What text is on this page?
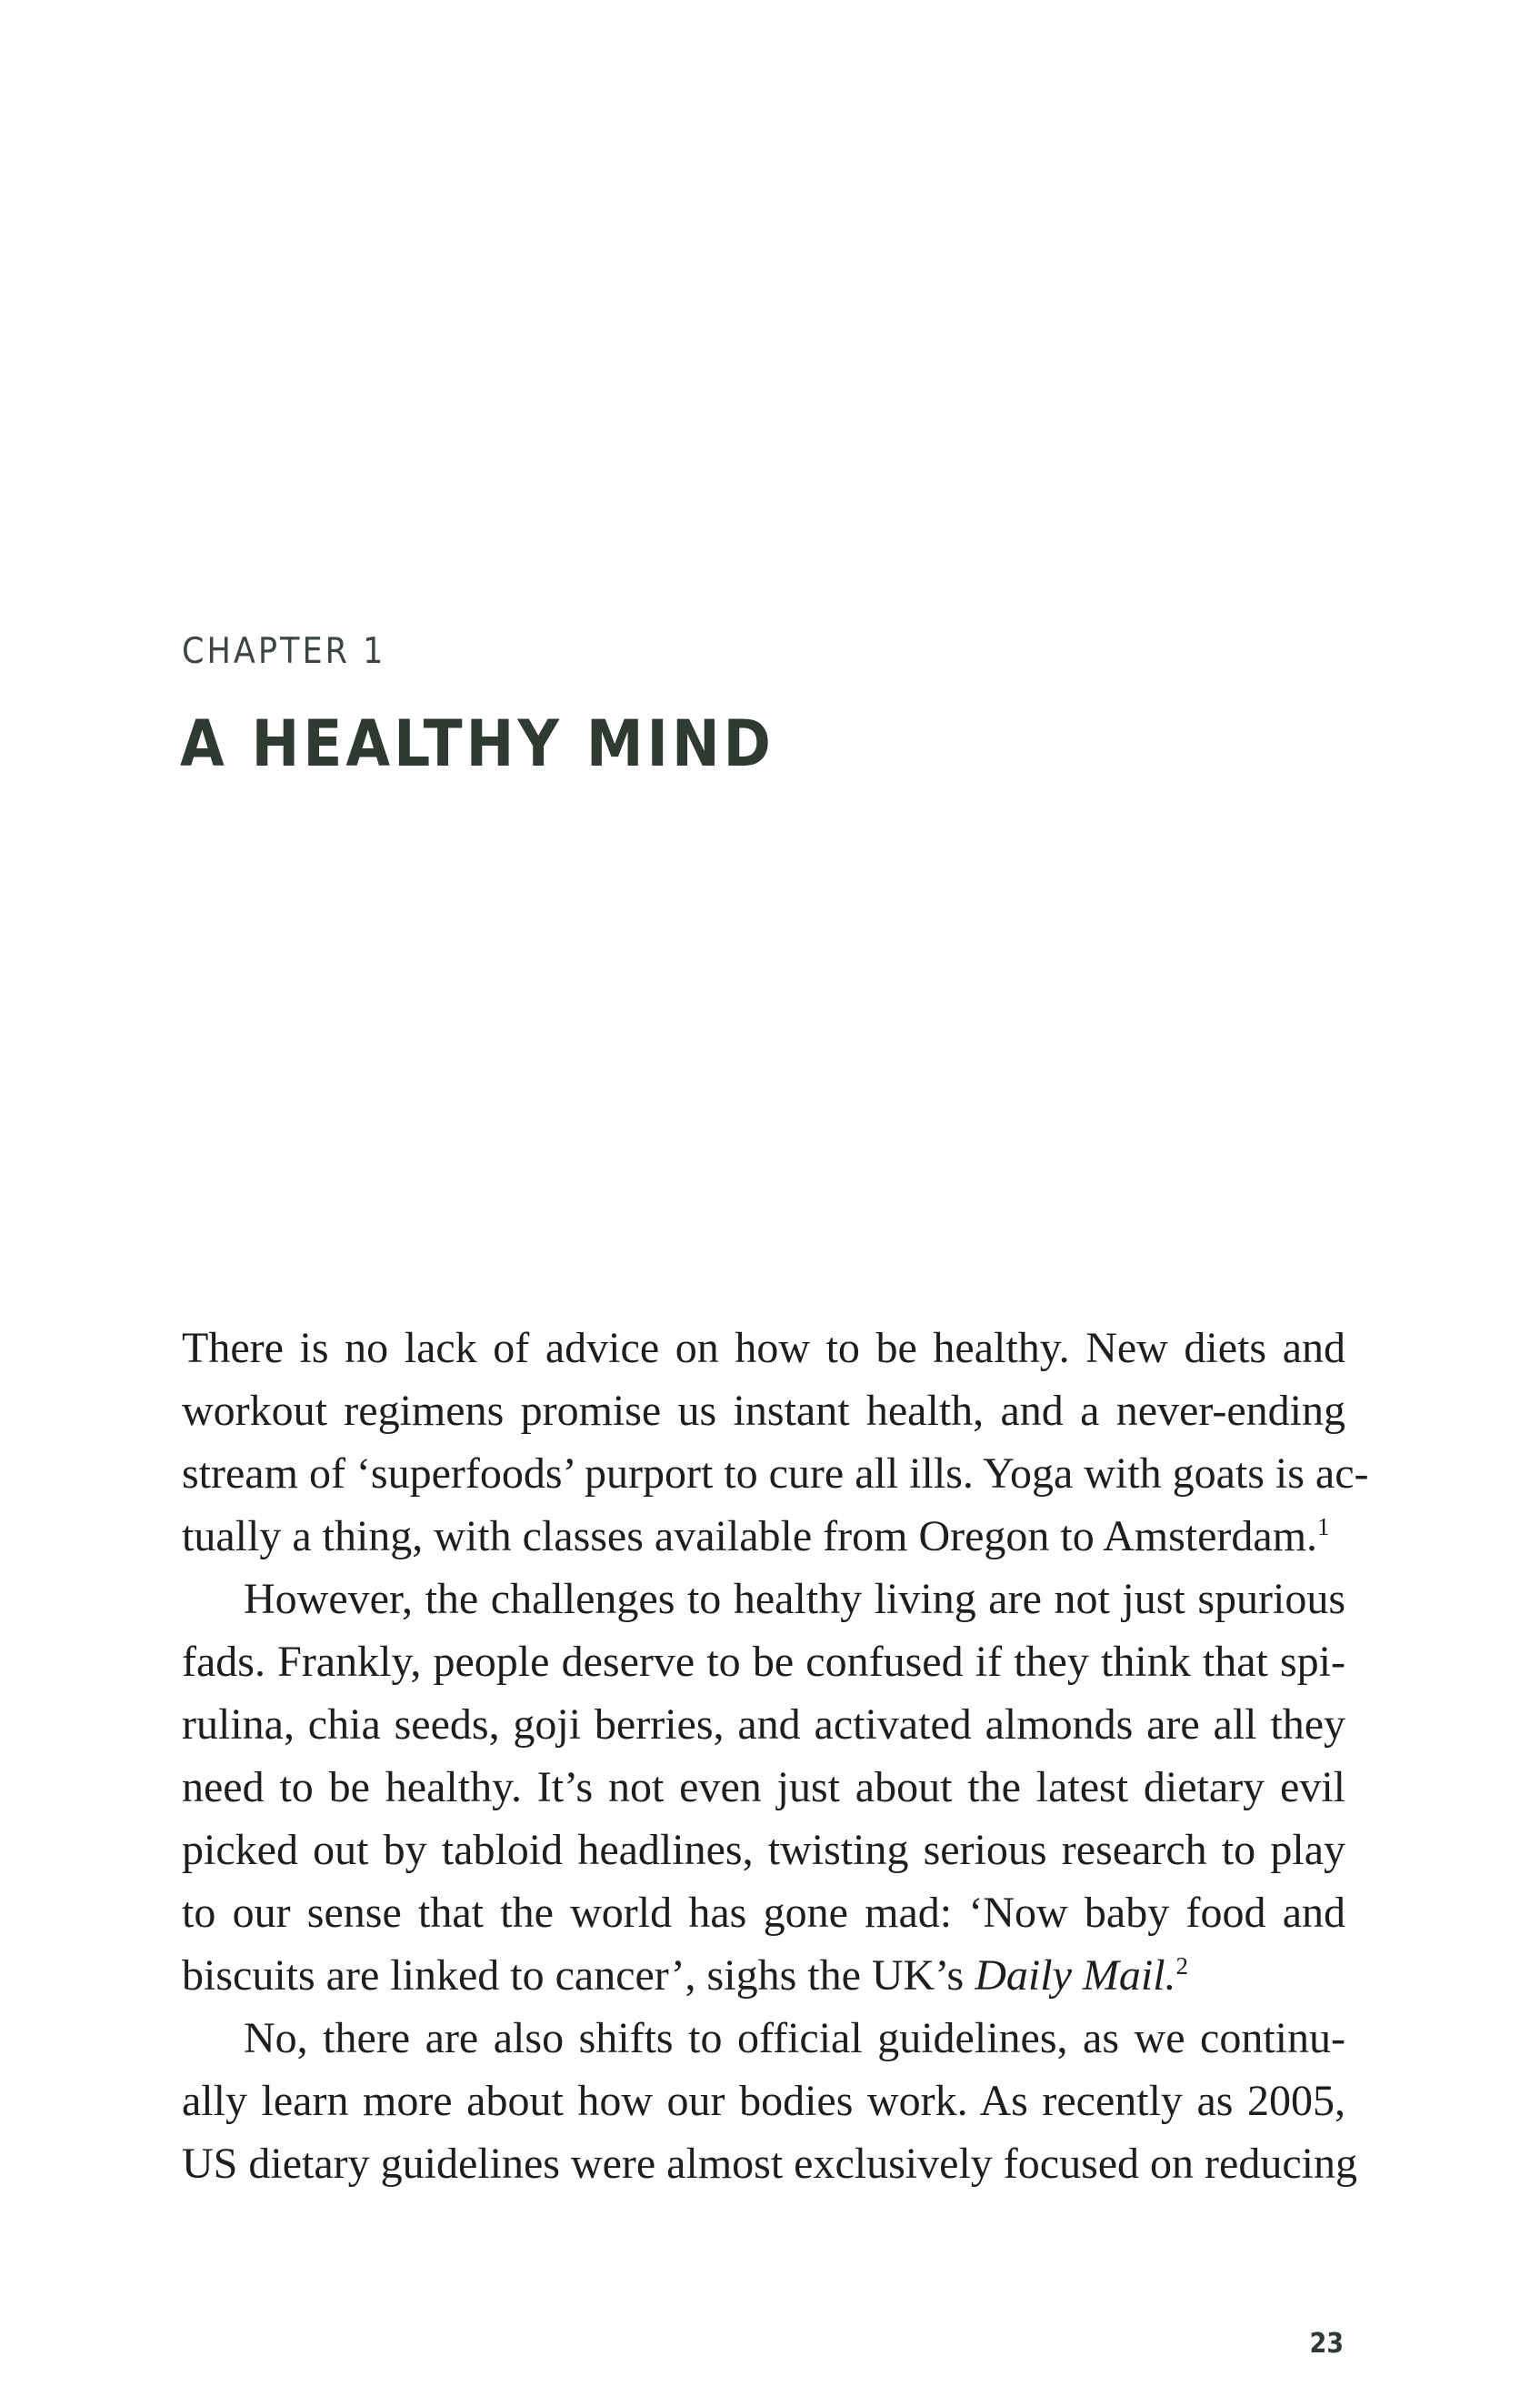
CHAPTER 1
A HEALTHY MIND

There is no lack of advice on how to be healthy. New diets and
workout regimens promise us instant health, and a never-ending
stream of ‘superfoods’ purport to cure all ills. Yoga with goats is ac-
tually a thing, with classes available from Oregon to Amsterdam.$^1$

However, the challenges to healthy living are not just spurious
fads. Frankly, people deserve to be confused if they think that spi-
rulina, chia seeds, goji berries, and activated almonds are all they
need to be healthy. It’s not even just about the latest dietary evil
picked out by tabloid headlines, twisting serious research to play
to our sense that the world has gone mad: ‘Now baby food and
biscuits are linked to cancer’, sighs the UK’s Daily Mail.$^2$

No, there are also shifts to official guidelines, as we continu-
ally learn more about how our bodies work. As recently as 2005,
US dietary guidelines were almost exclusively focused on reducing

23
